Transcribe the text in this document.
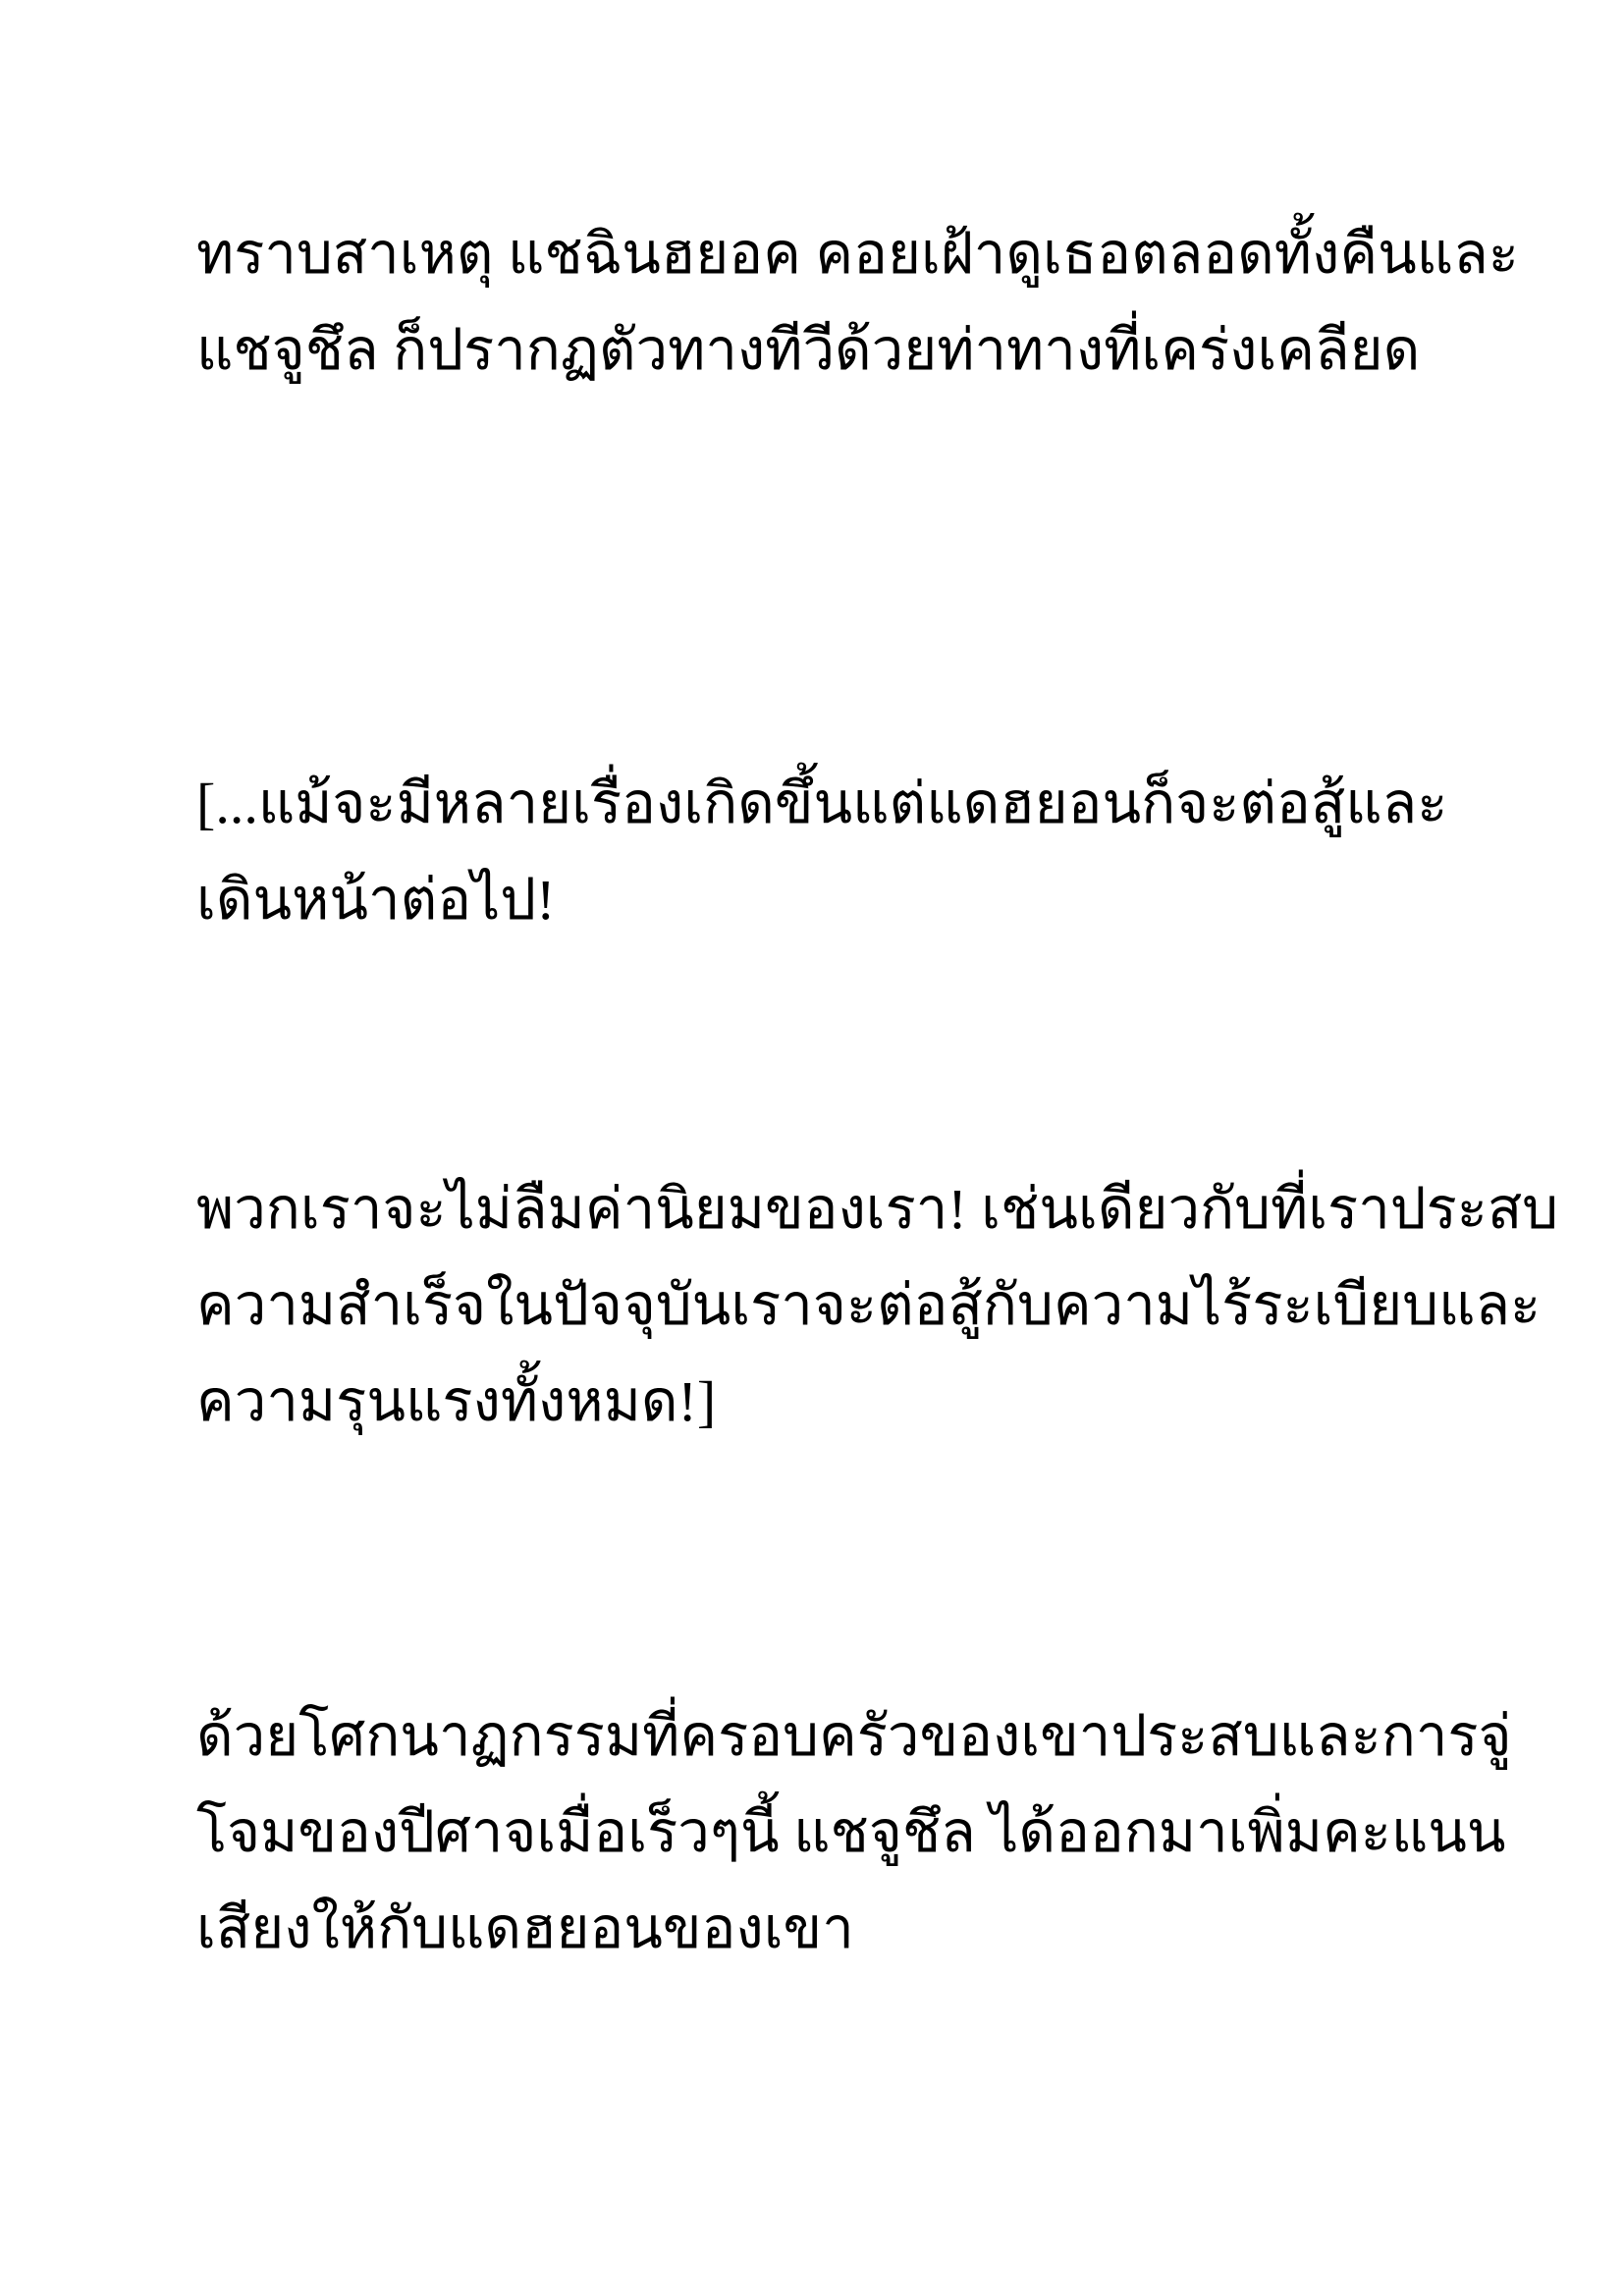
ทราบสาเหตุ แชฉินฮยอค คอยเฝ้าดูเธอตลอดทั้งคืนและ
แชจูชึล ก็ปรากฏตัวทางทีวีด้วยท่าทางที่เคร่งเคลียด

[...แม้จะมีหลายเรื่องเกิดขึ้นแต่แดฮยอนก็จะต่อสู้และ
เดินหน้าต่อไป!

พวกเราจะไม่ลืมค่านิยมของเรา! เช่นเดียวกับที่เราประสบ
ความสำเร็จในปัจจุบันเราจะต่อสู้กับความไร้ระเบียบและ
ความรุนแรงทั้งหมด!]

ด้วยโศกนาฏกรรมที่ครอบครัวของเขาประสบและการจู่
โจมของปีศาจเมื่อเร็วๆนี้ แชจูชึล ได้ออกมาเพิ่มคะแนน
เสียงให้กับแดฮยอนของเขา
